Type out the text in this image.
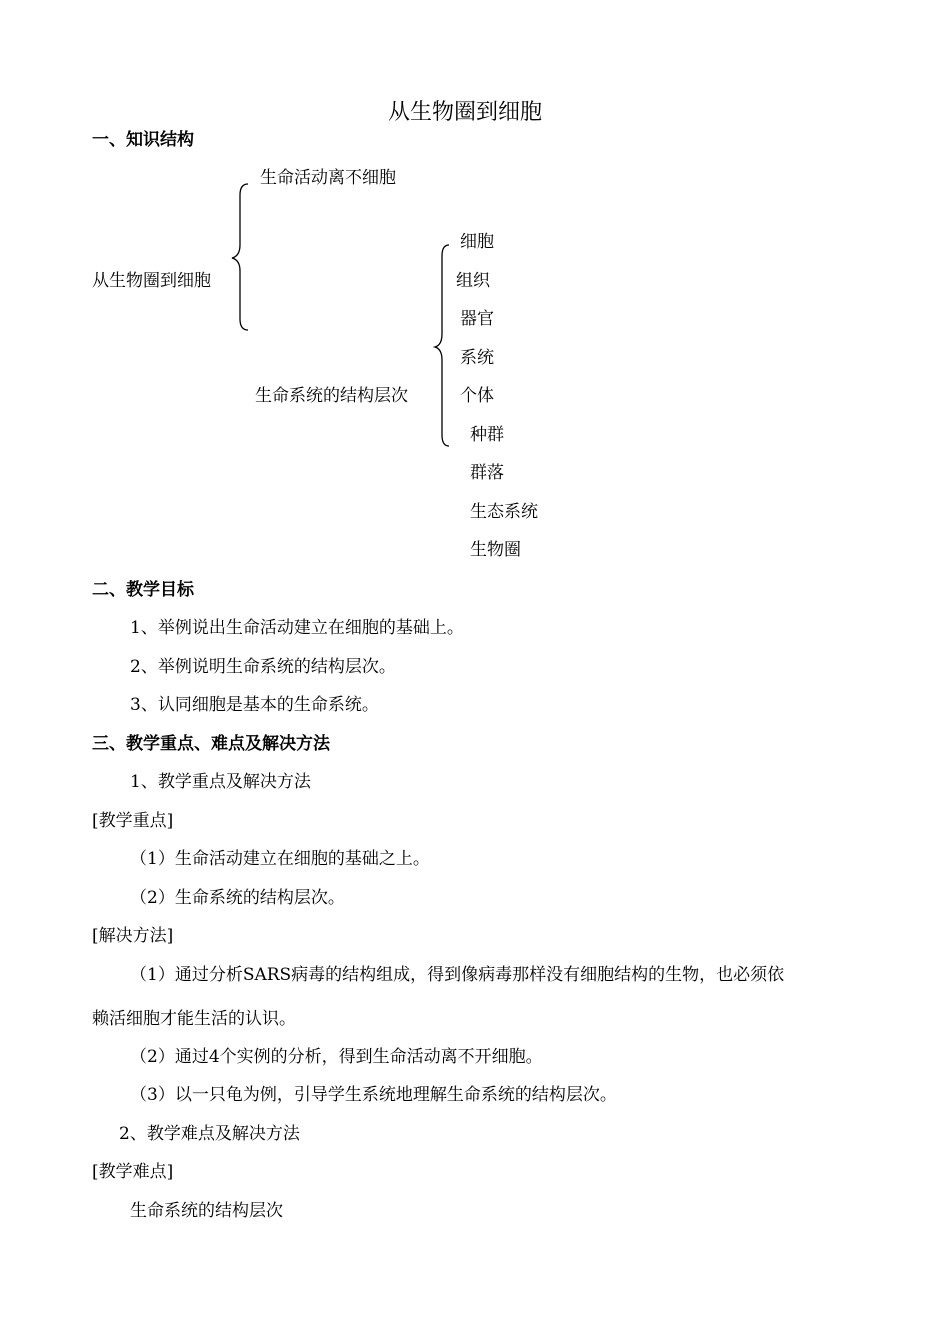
从生物圈到细胞
一、知识结构
生命活动离不细胞
从生物圈到细胞
生命系统的结构层次
细胞
组织
器官
系统
个体
种群
群落
生态系统
生物圈
二、教学目标
1、举例说出生命活动建立在细胞的基础上。
2、举例说明生命系统的结构层次。
3、认同细胞是基本的生命系统。
三、教学重点、难点及解决方法
1、教学重点及解决方法
[教学重点]
（1）生命活动建立在细胞的基础之上。
（2）生命系统的结构层次。
[解决方法]
（1）通过分析SARS病毒的结构组成，得到像病毒那样没有细胞结构的生物，也必须依
赖活细胞才能生活的认识。
（2）通过4个实例的分析，得到生命活动离不开细胞。
（3）以一只龟为例，引导学生系统地理解生命系统的结构层次。
2、教学难点及解决方法
[教学难点]
生命系统的结构层次
